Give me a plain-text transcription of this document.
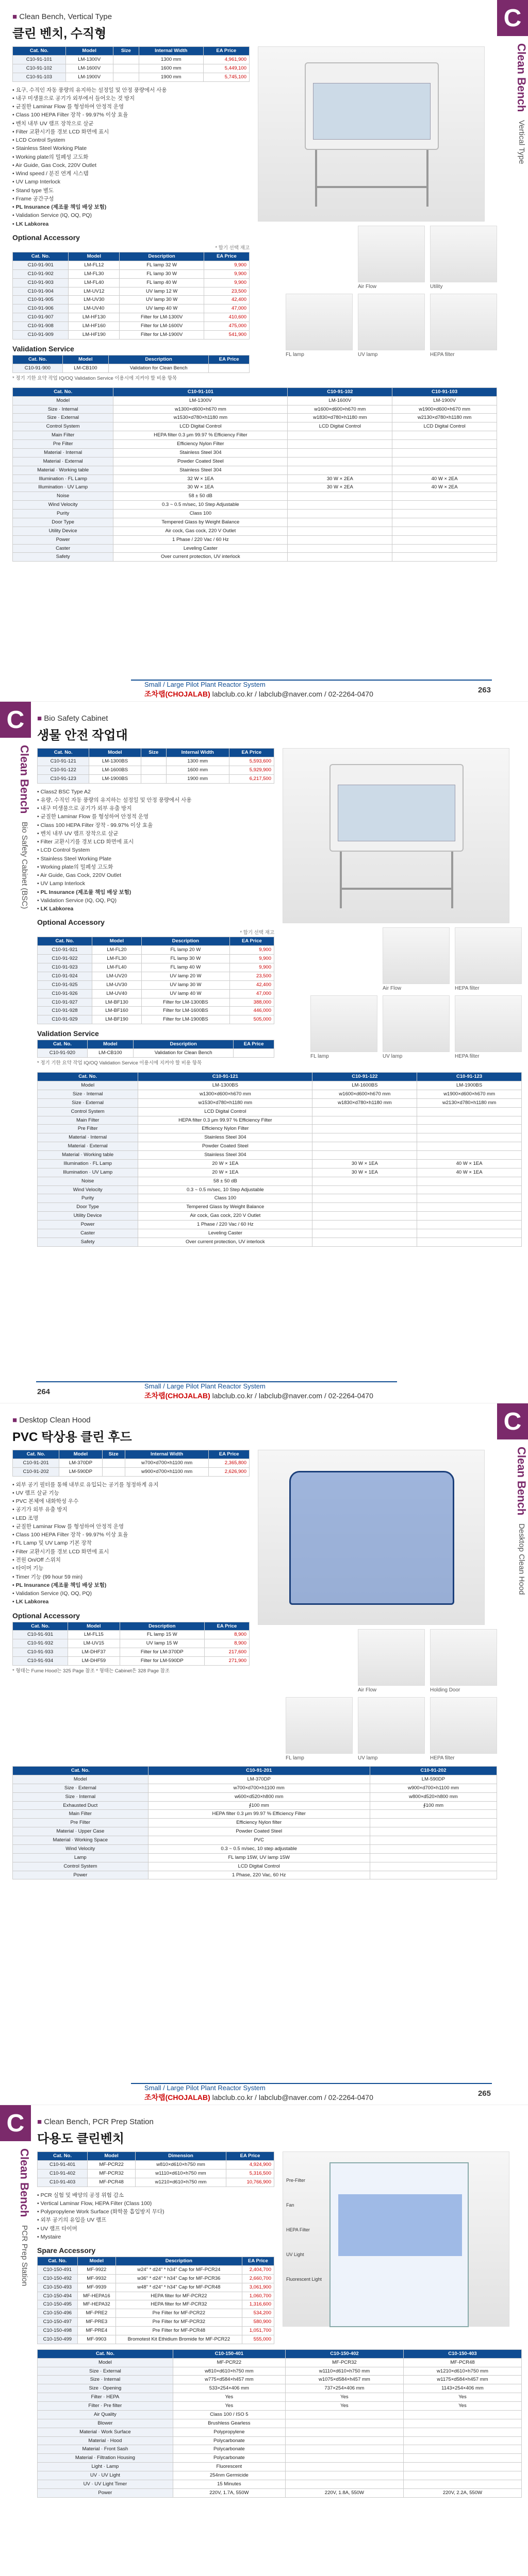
C
Clean Bench Vertical Type
■ Clean Bench, Vertical Type
클린 벤치, 수직형
Cat. No.	Model	Size	Internal Width	EA Price
C10-91-101	LM-1300V		1300 mm	4,961,900
C10-91-102	LM-1600V		1600 mm	5,449,100
C10-91-103	LM-1900V		1900 mm	5,745,100
• 요구, 수직인 자동 풍량의 유지하는 설정일 및 안정 풍량에서 사용
• 내구 미생물으로 공기가 외부에서 들어오는 것 방지
• 균질한 Laminar Flow 를 형성하여 안정적 운영
• Class 100 HEPA Filter 장착 - 99.97% 이상 효율
• 벤치 내부 UV 램프 장착으로 살균
• Filter 교환시기를 경보 LCD 화면에 표시
• LCD Control System
• Stainless Steel Working Plate
• Working plate의 밀폐성 고도화
• Air Guide, Gas Cock, 220V Outlet
• Wind speed / 분진 연계 시스템
• UV Lamp Interlock
• Stand type 별도
• Frame 공간구성
• PL Insurance (제조물 책임 배상 보험)
• Validation Service (IQ, OQ, PQ)
• LK Labkorea
Optional Accessory
* 합기 선택 재고
Cat. No.	Model	Description	EA Price
C10-91-901	LM-FL12	FL lamp 32 W	9,900
C10-91-902	LM-FL30	FL lamp 30 W	9,900
C10-91-903	LM-FL40	FL lamp 40 W	9,900
C10-91-904	LM-UV12	UV lamp 12 W	23,500
C10-91-905	LM-UV30	UV lamp 30 W	42,400
C10-91-906	LM-UV40	UV lamp 40 W	47,000
C10-91-907	LM-HF130	Filter for LM-1300V	410,600
C10-91-908	LM-HF160	Filter for LM-1600V	475,000
C10-91-909	LM-HF190	Filter for LM-1900V	541,900
Validation Service
Cat. No.	Model	Description	EA Price
C10-91-900	LM-CB100	Validation for Clean Bench	
* 정기 기한 요약 작업 IQ/OQ Validation Service 이용시에 지켜야 할 비용 항목
Air Flow	Utility
FL lamp	UV lamp	HEPA filter
Cat. No.	C10-91-101	C10-91-102	C10-91-103
Model	LM-1300V	LM-1600V	LM-1900V
Size · Internal	w1300×d600×h670 mm	w1600×d600×h670 mm	w1900×d600×h670 mm
Size · External	w1530×d780×h1180 mm	w1830×d780×h1180 mm	w2130×d780×h1180 mm
Control System	LCD Digital Control	LCD Digital Control	LCD Digital Control
Main Filter	HEPA filter 0.3 μm 99.97 % Efficiency Filter		
Pre Filter	Efficiency Nylon Filter		
Material · Internal	Stainless Steel 304		
Material · External	Powder Coated Steel		
Material · Working table	Stainless Steel 304		
Illumination · FL Lamp	32 W × 1EA	30 W × 2EA	40 W × 2EA
Illumination · UV Lamp	30 W × 1EA	30 W × 2EA	40 W × 2EA
Noise	58 ± 50 dB		
Wind Velocity	0.3 ~ 0.5 m/sec, 10 Step Adjustable		
Purity	Class 100		
Door Type	Tempered Glass by Weight Balance		
Utility Device	Air cock, Gas cock, 220 V Outlet		
Power	1 Phase / 220 Vac / 60 Hz		
Caster	Leveling Caster		
Safety	Over current protection, UV interlock		
Small / Large Pilot Plant Reactor System
조차랩(CHOJALAB) labclub.co.kr / labclub@naver.com / 02-2264-0470	263
C
Clean Bench Bio Safety Cabinet (BSC)
■ Bio Safety Cabinet
생물 안전 작업대
Cat. No.	Model	Size	Internal Width	EA Price
C10-91-121	LM-1300BS		1300 mm	5,593,600
C10-91-122	LM-1600BS		1600 mm	5,929,900
C10-91-123	LM-1900BS		1900 mm	6,217,500
• Class2 BSC Type A2
• 유량, 수직인 자동 풍량의 유지하는 설정일 및 안정 풍량에서 사용
• 내구 미생물으로 공기가 외부 유출 방지
• 균질한 Laminar Flow 를 형성하여 안정적 운영
• Class 100 HEPA Filter 장착 - 99.97% 이상 효율
• 벤치 내부 UV 램프 장착으로 살균
• Filter 교환시기를 경보 LCD 화면에 표시
• LCD Control System
• Stainless Steel Working Plate
• Working plate의 밀폐성 고도화
• Air Guide, Gas Cock, 220V Outlet
• UV Lamp Interlock
• PL Insurance (제조물 책임 배상 보험)
• Validation Service (IQ, OQ, PQ)
• LK Labkorea
Optional Accessory
* 합기 선택 재고
Cat. No.	Model	Description	EA Price
C10-91-921	LM-FL20	FL lamp 20 W	9,900
C10-91-922	LM-FL30	FL lamp 30 W	9,900
C10-91-923	LM-FL40	FL lamp 40 W	9,900
C10-91-924	LM-UV20	UV lamp 20 W	23,500
C10-91-925	LM-UV30	UV lamp 30 W	42,400
C10-91-926	LM-UV40	UV lamp 40 W	47,000
C10-91-927	LM-BF130	Filter for LM-1300BS	388,000
C10-91-928	LM-BF160	Filter for LM-1600BS	446,000
C10-91-929	LM-BF190	Filter for LM-1900BS	505,000
Validation Service
Cat. No.	Model	Description	EA Price
C10-91-920	LM-CB100	Validation for Clean Bench	
* 정기 기한 요약 작업 IQ/OQ Validation Service 이용시에 지켜야 할 비용 항목
Air Flow	HEPA filter
FL lamp	UV lamp	HEPA filter
Cat. No.	C10-91-121	C10-91-122	C10-91-123
Model	LM-1300BS	LM-1600BS	LM-1900BS
Size · Internal	w1300×d600×h670 mm	w1600×d600×h670 mm	w1900×d600×h670 mm
Size · External	w1530×d780×h1180 mm	w1830×d780×h1180 mm	w2130×d780×h1180 mm
Control System	LCD Digital Control		
Main Filter	HEPA filter 0.3 μm 99.97 % Efficiency Filter		
Pre Filter	Efficiency Nylon Filter		
Material · Internal	Stainless Steel 304		
Material · External	Powder Coated Steel		
Material · Working table	Stainless Steel 304		
Illumination · FL Lamp	20 W × 1EA	30 W × 1EA	40 W × 1EA
Illumination · UV Lamp	20 W × 1EA	30 W × 1EA	40 W × 1EA
Noise	58 ± 50 dB		
Wind Velocity	0.3 ~ 0.5 m/sec, 10 Step Adjustable		
Purity	Class 100		
Door Type	Tempered Glass by Weight Balance		
Utility Device	Air cock, Gas cock, 220 V Outlet		
Power	1 Phase / 220 Vac / 60 Hz		
Caster	Leveling Caster		
Safety	Over current protection, UV interlock		
Small / Large Pilot Plant Reactor System
조차랩(CHOJALAB) labclub.co.kr / labclub@naver.com / 02-2264-0470
264
C
Clean Bench Desktop Clean Hood
■ Desktop Clean Hood
PVC 탁상용 클린 후드
Cat. No.	Model	Size	Internal Width	EA Price
C10-91-201	LM-370DP		w700×d700×h1100 mm	2,365,800
C10-91-202	LM-590DP		w900×d700×h1100 mm	2,626,900
• 외부 공기 필터를 통해 내부로 유입되는 공기를 청정하게 유지
• UV 램프 살균 기능
• PVC 본체에 내화학성 우수
• 공기가 외부 유출 방지
• LED 조명
• 균질한 Laminar Flow 를 형성하여 안정적 운영
• Class 100 HEPA Filter 장착 - 99.97% 이상 효율
• FL Lamp 및 UV Lamp 기본 장착
• Filter 교환시기를 경보 LCD 화면에 표시
• 전원 On/Off 스위치
• 타이머 기능
• Timer 기능 (99 hour 59 min)
• PL Insurance (제조물 책임 배상 보험)
• Validation Service (IQ, OQ, PQ)
• LK Labkorea
Optional Accessory
Cat. No.	Model	Description	EA Price
C10-91-931	LM-FL15	FL lamp 15 W	8,900
C10-91-932	LM-UV15	UV lamp 15 W	8,900
C10-91-933	LM-DHF37	Filter for LM-370DP	217,600
C10-91-934	LM-DHF59	Filter for LM-590DP	271,900
* 형태는 Fume Hood는 325 Page 참조 * 형태는 Cabinet은 328 Page 참조
Air Flow	Holding Door
FL lamp	UV lamp	HEPA filter
Cat. No.	C10-91-201	C10-91-202
Model	LM-370DP	LM-590DP
Size · External	w700×d700×h1100 mm	w900×d700×h1100 mm
Size · Internal	w600×d520×h800 mm	w800×d520×h800 mm
Exhausted Duct	∮100 mm	∮100 mm
Main Filter	HEPA filter 0.3 μm 99.97 % Efficiency Filter	
Pre Filter	Efficiency Nylon filter	
Material · Upper Case	Powder Coated Steel	
Material · Working Space	PVC	
Wind Velocity	0.3 ~ 0.5 m/sec, 10 step adjustable	
Lamp	FL lamp 15W, UV lamp 15W	
Control System	LCD Digital Control	
Power	1 Phase, 220 Vac, 60 Hz	
Small / Large Pilot Plant Reactor System
조차랩(CHOJALAB) labclub.co.kr / labclub@naver.com / 02-2264-0470	265
C
Clean Bench PCR Prep Station
■ Clean Bench, PCR Prep Station
다용도 클린벤치
Cat. No.	Model	Dimension	EA Price
C10-91-401	MF-PCR22	w810×d610×h750 mm	4,924,900
C10-91-402	MF-PCR32	w1110×d610×h750 mm	5,316,500
C10-91-403	MF-PCR48	w1210×d610×h750 mm	10,766,900
• PCR 실험 및 배양의 공정 위험 감소
• Vertical Laminar Flow, HEPA Filter (Class 100)
• Polypropylene Work Surface (화학물 흡입방지 무다)
• 외부 공기의 유입을 UV 램프
• UV 램프 타이머
• Mystaire
Spare Accessory
Cat. No.	Model	Description	EA Price
C10-150-491	MF-9922	w24" * d24" * h34" Cap for MF-PCR24	2,404,700
C10-150-492	MF-9932	w36" * d24" * h34" Cap for MF-PCR36	2,660,700
C10-150-493	MF-9939	w48" * d24" * h34" Cap for MF-PCR48	3,061,900
C10-150-494	MF-HEPA16	HEPA filter for MF-PCR22	1,060,700
C10-150-495	MF-HEPA32	HEPA filter for MF-PCR32	1,316,600
C10-150-496	MF-PRE2	Pre Filter for MF-PCR22	534,200
C10-150-497	MF-PRE3	Pre Filter for MF-PCR32	580,900
C10-150-498	MF-PRE4	Pre Filter for MF-PCR48	1,051,700
C10-150-499	MF-9903	Bromotest Kit Ethidium Bromide for MF-PCR22	555,000
Pre-Filter
Fan
HEPA Filter
UV Light
Fluorescent Light
Cat. No.	C10-150-401	C10-150-402	C10-150-403
Model	MF-PCR22	MF-PCR32	MF-PCR48
Size · External	w810×d610×h750 mm	w1110×d610×h750 mm	w1210×d610×h750 mm
Size · Internal	w775×d584×h457 mm	w1075×d584×h457 mm	w1175×d584×h457 mm
Size · Opening	533×254×406 mm	737×254×406 mm	1143×254×406 mm
Filter · HEPA	Yes	Yes	Yes
Filter · Pre filter	Yes	Yes	Yes
Air Quality	Class 100 / ISO 5		
Blower	Brushless Gearless		
Material · Work Surface	Polypropylene		
Material · Hood	Polycarbonate		
Material · Front Sash	Polycarbonate		
Material · Filtration Housing	Polycarbonate		
Light · Lamp	Fluorescent		
UV · UV Light	254nm Germicide		
UV · UV Light Timer	15 Minutes		
Power	220V, 1.7A, 550W	220V, 1.8A, 550W	220V, 2.2A, 550W
